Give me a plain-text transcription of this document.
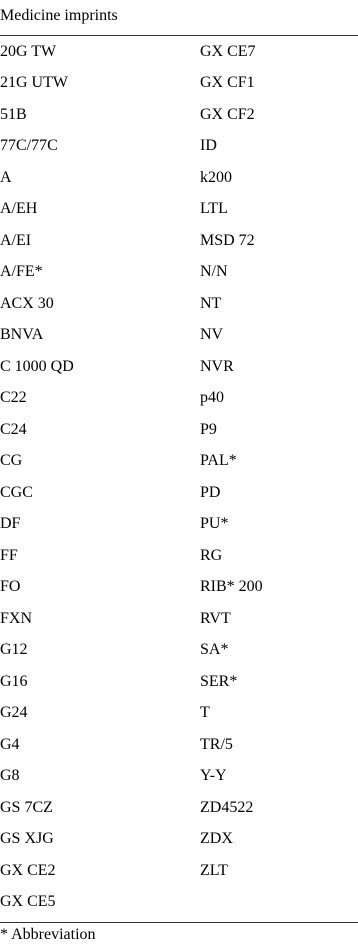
Medicine imprints
20G TW	GX CE7
21G UTW	GX CF1
51B	GX CF2
77C/77C	ID
A	k200
A/EH	LTL
A/EI	MSD 72
A/FE*	N/N
ACX 30	NT
BNVA	NV
C 1000 QD	NVR
C22	p40
C24	P9
CG	PAL*
CGC	PD
DF	PU*
FF	RG
FO	RIB* 200
FXN	RVT
G12	SA*
G16	SER*
G24	T
G4	TR/5
G8	Y-Y
GS 7CZ	ZD4522
GS XJG	ZDX
GX CE2	ZLT
GX CE5	
* Abbreviation
